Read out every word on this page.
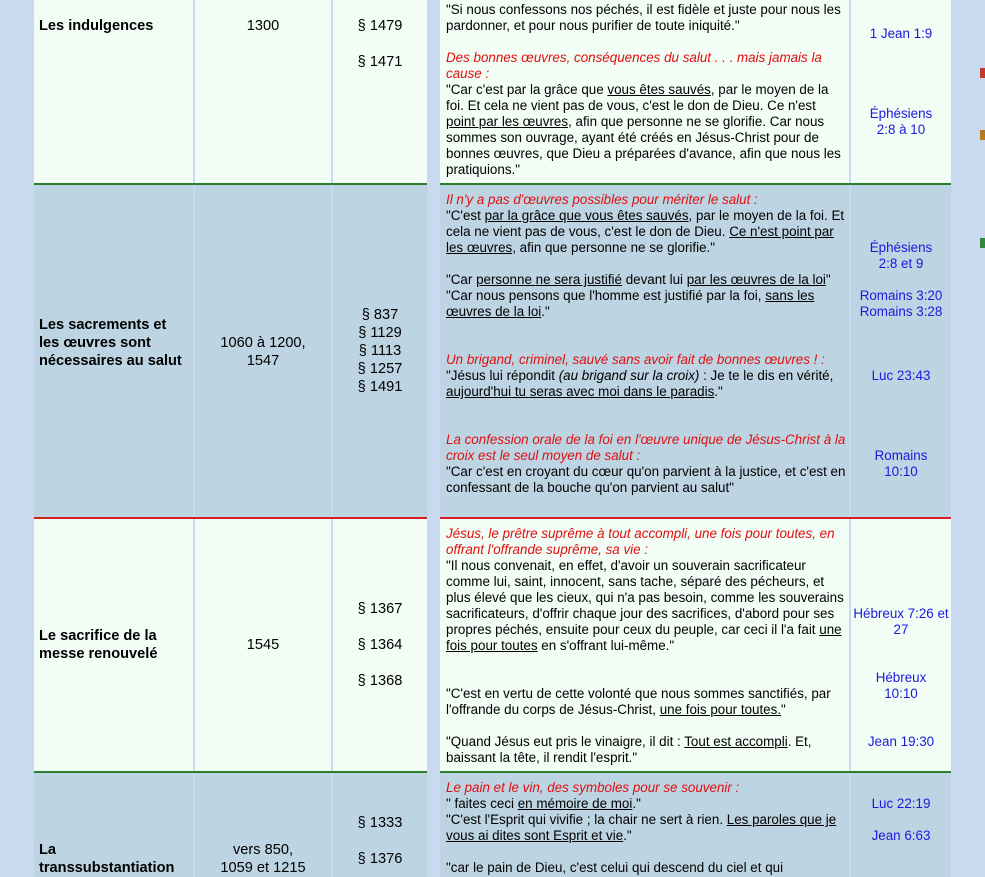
Les indulgences	1300	§ 1479
§ 1471

"Si nous confessons nos péchés, il est fidèle et juste pour nous les pardonner, et pour nous purifier de toute iniquité."

Des bonnes œuvres, conséquences du salut . . . mais jamais la cause :

"Car c'est par la grâce que vous êtes sauvés, par le moyen de la foi. Et cela ne vient pas de vous, c'est le don de Dieu. Ce n'est point par les œuvres, afin que personne ne se glorifie. Car nous sommes son ouvrage, ayant été créés en Jésus-Christ pour de bonnes œuvres, que Dieu a préparées d'avance, afin que nous les pratiquions."

1 Jean 1:9
Éphésiens 2:8 à 10
Les sacrements et les œuvres sont nécessaires au salut
1060 à 1200, 1547
§ 837
§ 1129
§ 1113
§ 1257
§ 1491

Il n'y a pas d'œuvres possibles pour mériter le salut :

"C'est par la grâce que vous êtes sauvés, par le moyen de la foi. Et cela ne vient pas de vous, c'est le don de Dieu. Ce n'est point par les œuvres, afin que personne ne se glorifie."

"Car personne ne sera justifié devant lui par les œuvres de la loi"

"Car nous pensons que l'homme est justifié par la foi, sans les œuvres de la loi."

Un brigand, criminel, sauvé sans avoir fait de bonnes œuvres ! :

"Jésus lui répondit (au brigand sur la croix) : Je te le dis en vérité, aujourd'hui tu seras avec moi dans le paradis."

La confession orale de la foi en l'œuvre unique de Jésus-Christ à la croix est le seul moyen de salut :

"Car c'est en croyant du cœur qu'on parvient à la justice, et c'est en confessant de la bouche qu'on parvient au salut"

Éphésiens 2:8 et 9
Romains 3:20
Romains 3:28
Luc 23:43
Romains 10:10
Le sacrifice de la messe renouvelé
1545
§ 1367
§ 1364
§ 1368

Jésus, le prêtre suprême à tout accompli, une fois pour toutes, en offrant l'offrande suprême, sa vie :

"Il nous convenait, en effet, d'avoir un souverain sacrificateur comme lui, saint, innocent, sans tache, séparé des pécheurs, et plus élevé que les cieux, qui n'a pas besoin, comme les souverains sacrificateurs, d'offrir chaque jour des sacrifices, d'abord pour ses propres péchés, ensuite pour ceux du peuple, car ceci il l'a fait une fois pour toutes en s'offrant lui-même."

"C'est en vertu de cette volonté que nous sommes sanctifiés, par l'offrande du corps de Jésus-Christ, une fois pour toutes."

"Quand Jésus eut pris le vinaigre, il dit : Tout est accompli. Et, baissant la tête, il rendit l'esprit."

Hébreux 7:26 et 27
Hébreux 10:10
Jean 19:30
La transsubstantiation
vers 850, 1059 et 1215
§ 1333
§ 1376

Le pain et le vin, des symboles pour se souvenir :

" faites ceci en mémoire de moi."

"C'est l'Esprit qui vivifie ; la chair ne sert à rien. Les paroles que je vous ai dites sont Esprit et vie."

"car le pain de Dieu, c'est celui qui descend du ciel et qui

Luc 22:19
Jean 6:63
